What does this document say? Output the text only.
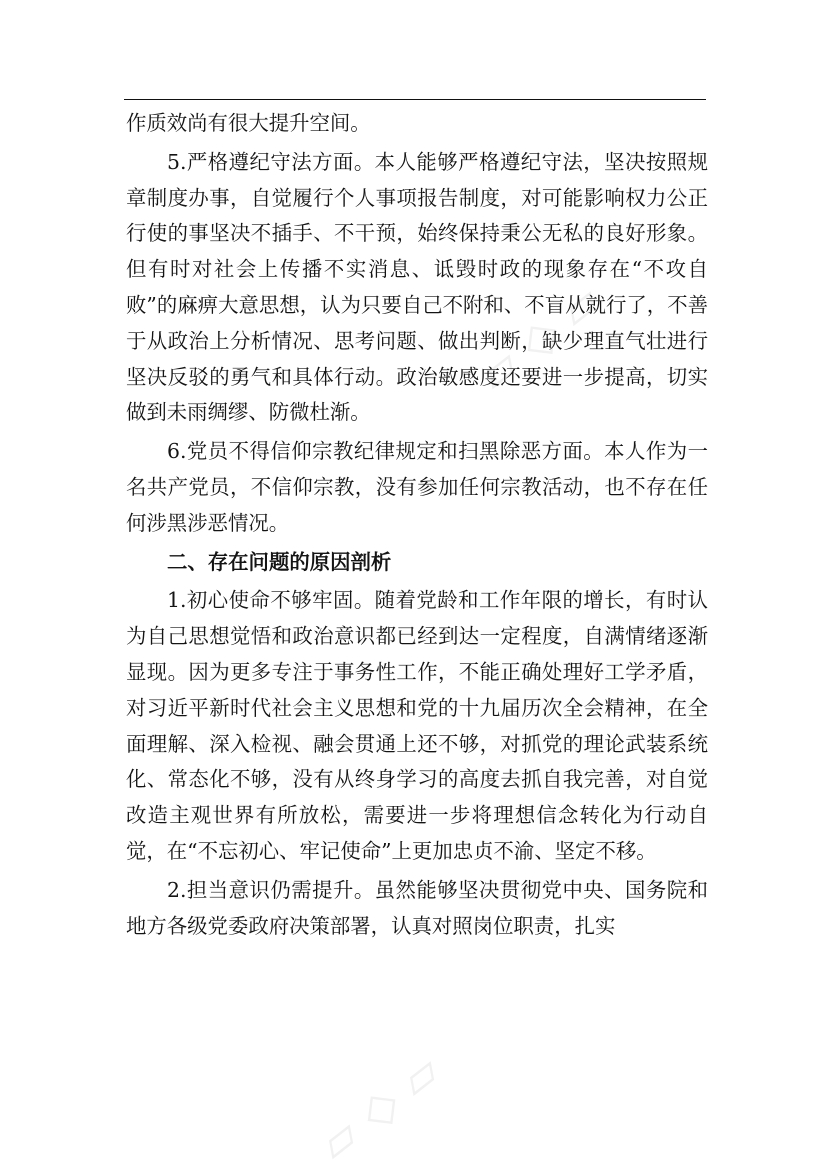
▱ ◇ ▱
▱ ◇ ▱

作质效尚有很大提升空间。

5.严格遵纪守法方面。本人能够严格遵纪守法，坚决按照规章制度办事，自觉履行个人事项报告制度，对可能影响权力公正行使的事坚决不插手、不干预，始终保持秉公无私的良好形象。但有时对社会上传播不实消息、诋毁时政的现象存在“不攻自败”的麻痹大意思想，认为只要自己不附和、不盲从就行了，不善于从政治上分析情况、思考问题、做出判断，缺少理直气壮进行坚决反驳的勇气和具体行动。政治敏感度还要进一步提高，切实做到未雨绸缪、防微杜渐。

6.党员不得信仰宗教纪律规定和扫黑除恶方面。本人作为一名共产党员，不信仰宗教，没有参加任何宗教活动，也不存在任何涉黑涉恶情况。

二、存在问题的原因剖析

1.初心使命不够牢固。随着党龄和工作年限的增长，有时认为自己思想觉悟和政治意识都已经到达一定程度，自满情绪逐渐显现。因为更多专注于事务性工作，不能正确处理好工学矛盾，对习近平新时代社会主义思想和党的十九届历次全会精神，在全面理解、深入检视、融会贯通上还不够，对抓党的理论武装系统化、常态化不够，没有从终身学习的高度去抓自我完善，对自觉改造主观世界有所放松，需要进一步将理想信念转化为行动自觉，在“不忘初心、牢记使命”上更加忠贞不渝、坚定不移。

2.担当意识仍需提升。虽然能够坚决贯彻党中央、国务院和地方各级党委政府决策部署，认真对照岗位职责，扎实
